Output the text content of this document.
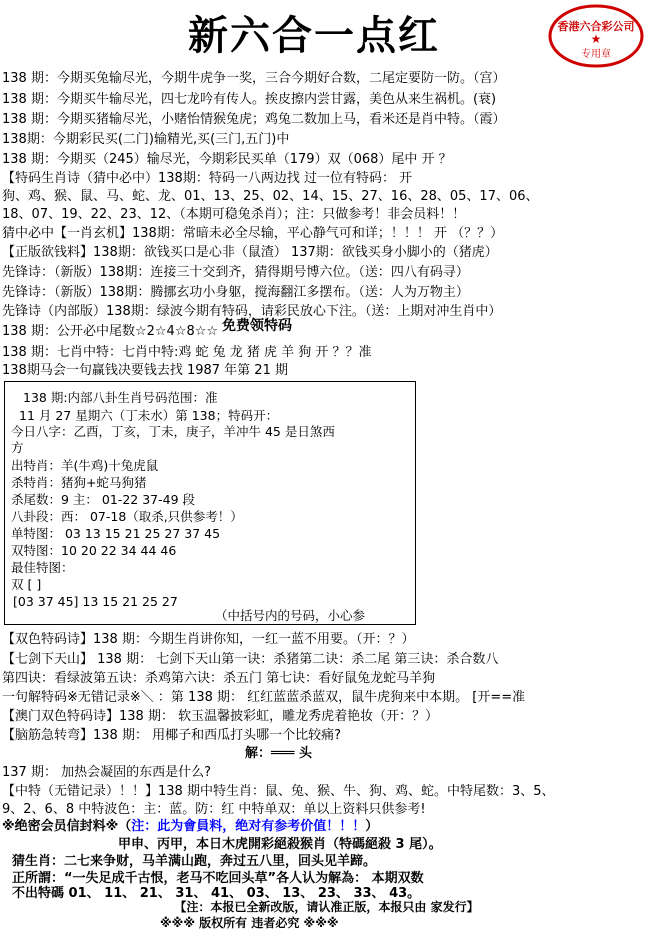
新六合一点红	香港六合彩公司
★
专用章
138 期：今期买兔输尽光，今期牛虎争一奖，三合今期好合数，二尾定要防一防。（宫）
138 期：今期买牛输尽光，四七龙吟有传人。挨皮擦内尝甘露，美色从来生祸机。(衰)
138 期：今期买猪输尽光，小赌怡情猴兔虎；鸡兔二数加上马，看米还是肖中特。（霞）
138期：今期彩民买(二门)输精光,买(三门,五门)中
138 期：今期买（245）输尽光，今期彩民买单（179）双（068）尾中 开 ？
【特码生肖诗（猜中必中）138期：特码一八两边找 过一位有特码： 开
狗、鸡、猴、鼠、马、蛇、龙、01、13、25、02、14、15、27、16、28、05、17、06、
18、07、19、22、23、12、（本期可稳兔杀肖）；注：只做参考！非会员料！！
猜中必中【一肖玄机】138期：常暗未必全尽输，平心静气可和详；！！！ 开 （？？）
【正版欲钱料】138期：欲钱买口是心非（鼠渣） 137期：欲钱买身小脚小的（猪虎）
先锋诗：（新版）138期：连接三十交到齐，猜得期号博六位。（送：四八有码寻）
先锋诗：（新版）138期：腾挪玄功小身躯，搅海翻江多摆布。（送：人为万物主）
先锋诗（内部版）138期：绿波今期有特码，请彩民放心下注。（送：上期对冲生肖中）
138 期：公开必中尾数☆2☆4☆8☆☆ 免费领特码
138 期：七肖中特：七肖中特:鸡 蛇 兔 龙 猪 虎 羊 狗 开 ？？准
138期马会一句赢钱决要钱去找 1987 年第 21 期
138 期:内部八卦生肖号码范围：准
11 月 27 星期六（丁未水）第 138；特码开：
今日八字：乙酉，丁亥，丁未，庚子，羊冲牛 45 是日煞西
方
出特肖：羊(牛鸡)十兔虎鼠
杀特肖：猪狗+蛇马狗猪
杀尾数：9 主： 01-22 37-49 段
八卦段：西： 07-18（取杀,只供参考！）
单特图： 03 13 15 21 25 27 37 45
双特图：10 20 22 34 44 46
最佳特图：
双 [ ]
[03 37 45] 13 15 21 25 27
（中括号内的号码，小心参
【双色特码诗】138 期：今期生肖讲你知，一红一蓝不用要。（开：？）
【七剑下天山】 138 期： 七剑下天山第一诀：杀猪第二诀：杀二尾 第三诀：杀合数八
第四诀：看绿波第五诀：杀鸡第六诀：杀五门 第七诀：看好鼠兔龙蛇马羊狗
一句解特码※无错记录※＼ ：第 138 期： 红红蓝蓝杀蓝双，鼠牛虎狗来中本期。 [开==准
【澳门双色特码诗】138 期： 软玉温馨披彩虹，雕龙秀虎着艳妆（开：？）
【脑筋急转弯】138 期： 用椰子和西瓜打头哪一个比较痛?
解：═══ 头
137 期： 加热会凝固的东西是什么?
【中特（无错记录）！！】138 期中特生肖：鼠、兔、猴、牛、狗、鸡、蛇。中特尾数：3、5、
9、2、6、8 中特波色：主：蓝。防：红 中特单双：单以上资料只供参考!
※绝密会员信封料※（注：此为會員料，绝对有参考价值！！！）
甲申、丙甲，本日木虎開彩絕殺猴肖（特碼絕殺 3 尾）。
猜生肖：二七来争财，马羊满山跑，奔过五八里，回头见羊蹄。
正所謂：“一失足成千古恨，老马不吃回头草”各人认为解為： 本期双数
不出特碼 01、 11、 21、 31、 41、 03、 13、 23、 33、 43。
【注：本报已全新改版，请认准正版，本报只由 家发行】
※※※ 版权所有 违者必究 ※※※
